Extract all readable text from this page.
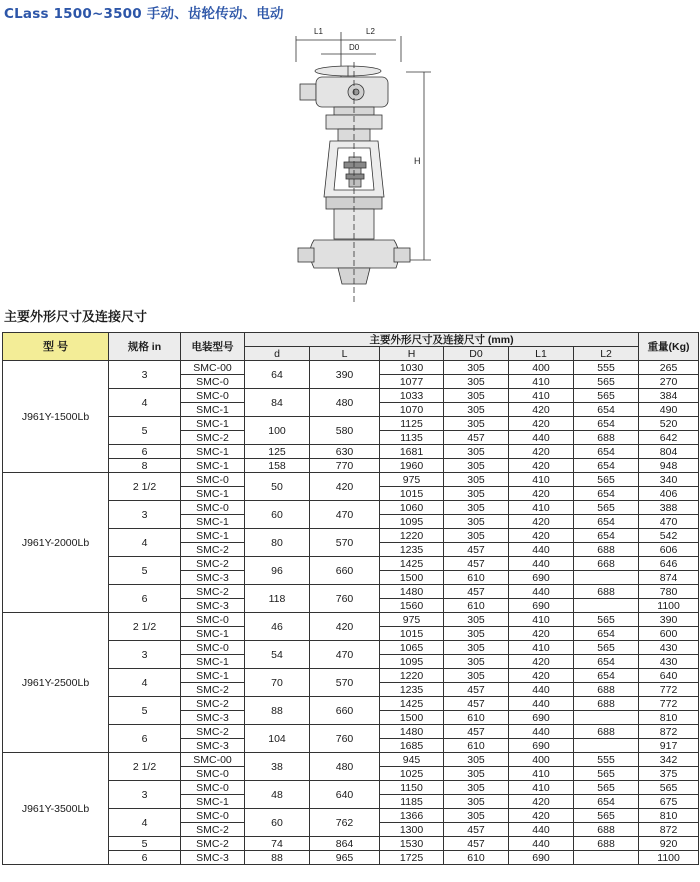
CLass 1500~3500 手动、齿轮传动、电动
L1	L2
D0
H
主要外形尺寸及连接尺寸
型 号	规格 in	电装型号	主要外形尺寸及连接尺寸 (mm)						重量(Kg)
			d	L	H	D0	L1	L2	
J961Y-1500Lb	3	SMC-00	64	390	1030	305	400	555	265
		SMC-0			1077	305	410	565	270
	4	SMC-0	84	480	1033	305	410	565	384
		SMC-1			1070	305	420	654	490
	5	SMC-1	100	580	1125	305	420	654	520
		SMC-2			1135	457	440	688	642
	6	SMC-1	125	630	1681	305	420	654	804
	8	SMC-1	158	770	1960	305	420	654	948
J961Y-2000Lb	2 1/2	SMC-0	50	420	975	305	410	565	340
		SMC-1			1015	305	420	654	406
	3	SMC-0	60	470	1060	305	410	565	388
		SMC-1			1095	305	420	654	470
	4	SMC-1	80	570	1220	305	420	654	542
		SMC-2			1235	457	440	688	606
	5	SMC-2	96	660	1425	457	440	668	646
		SMC-3			1500	610	690		874
	6	SMC-2	118	760	1480	457	440	688	780
		SMC-3			1560	610	690		1100
J961Y-2500Lb	2 1/2	SMC-0	46	420	975	305	410	565	390
		SMC-1			1015	305	420	654	600
	3	SMC-0	54	470	1065	305	410	565	430
		SMC-1			1095	305	420	654	430
	4	SMC-1	70	570	1220	305	420	654	640
		SMC-2			1235	457	440	688	772
	5	SMC-2	88	660	1425	457	440	688	772
		SMC-3			1500	610	690		810
	6	SMC-2	104	760	1480	457	440	688	872
		SMC-3			1685	610	690		917
J961Y-3500Lb	2 1/2	SMC-00	38	480	945	305	400	555	342
		SMC-0			1025	305	410	565	375
	3	SMC-0	48	640	1150	305	410	565	565
		SMC-1			1185	305	420	654	675
	4	SMC-0	60	762	1366	305	420	565	810
		SMC-2			1300	457	440	688	872
	5	SMC-2	74	864	1530	457	440	688	920
	6	SMC-3	88	965	1725	610	690		1100
